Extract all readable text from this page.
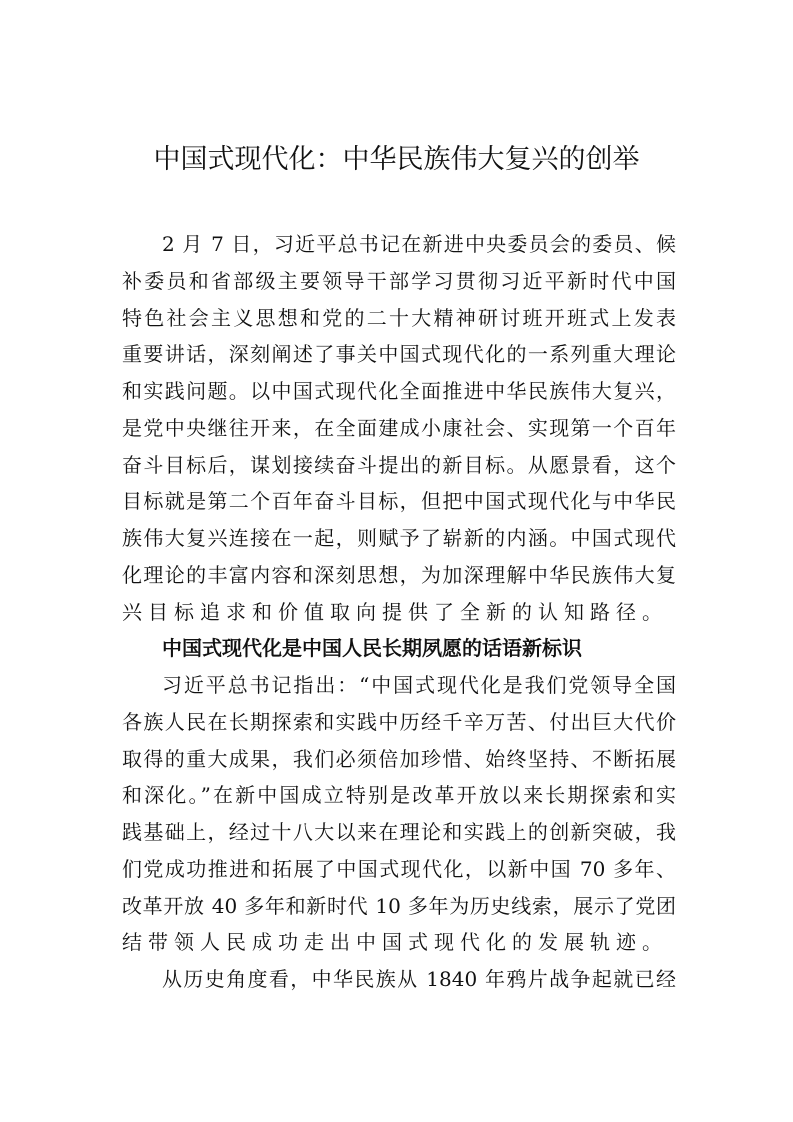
中国式现代化：中华民族伟大复兴的创举
2 月 7 日，习近平总书记在新进中央委员会的委员、候
补委员和省部级主要领导干部学习贯彻习近平新时代中国
特色社会主义思想和党的二十大精神研讨班开班式上发表
重要讲话，深刻阐述了事关中国式现代化的一系列重大理论
和实践问题。以中国式现代化全面推进中华民族伟大复兴，
是党中央继往开来，在全面建成小康社会、实现第一个百年
奋斗目标后，谋划接续奋斗提出的新目标。从愿景看，这个
目标就是第二个百年奋斗目标，但把中国式现代化与中华民
族伟大复兴连接在一起，则赋予了崭新的内涵。中国式现代
化理论的丰富内容和深刻思想，为加深理解中华民族伟大复
兴目标追求和价值取向提供了全新的认知路径。
中国式现代化是中国人民长期夙愿的话语新标识
习近平总书记指出：“中国式现代化是我们党领导全国
各族人民在长期探索和实践中历经千辛万苦、付出巨大代价
取得的重大成果，我们必须倍加珍惜、始终坚持、不断拓展
和深化。”在新中国成立特别是改革开放以来长期探索和实
践基础上，经过十八大以来在理论和实践上的创新突破，我
们党成功推进和拓展了中国式现代化，以新中国 70 多年、
改革开放 40 多年和新时代 10 多年为历史线索，展示了党团
结带领人民成功走出中国式现代化的发展轨迹。
从历史角度看，中华民族从 1840 年鸦片战争起就已经
